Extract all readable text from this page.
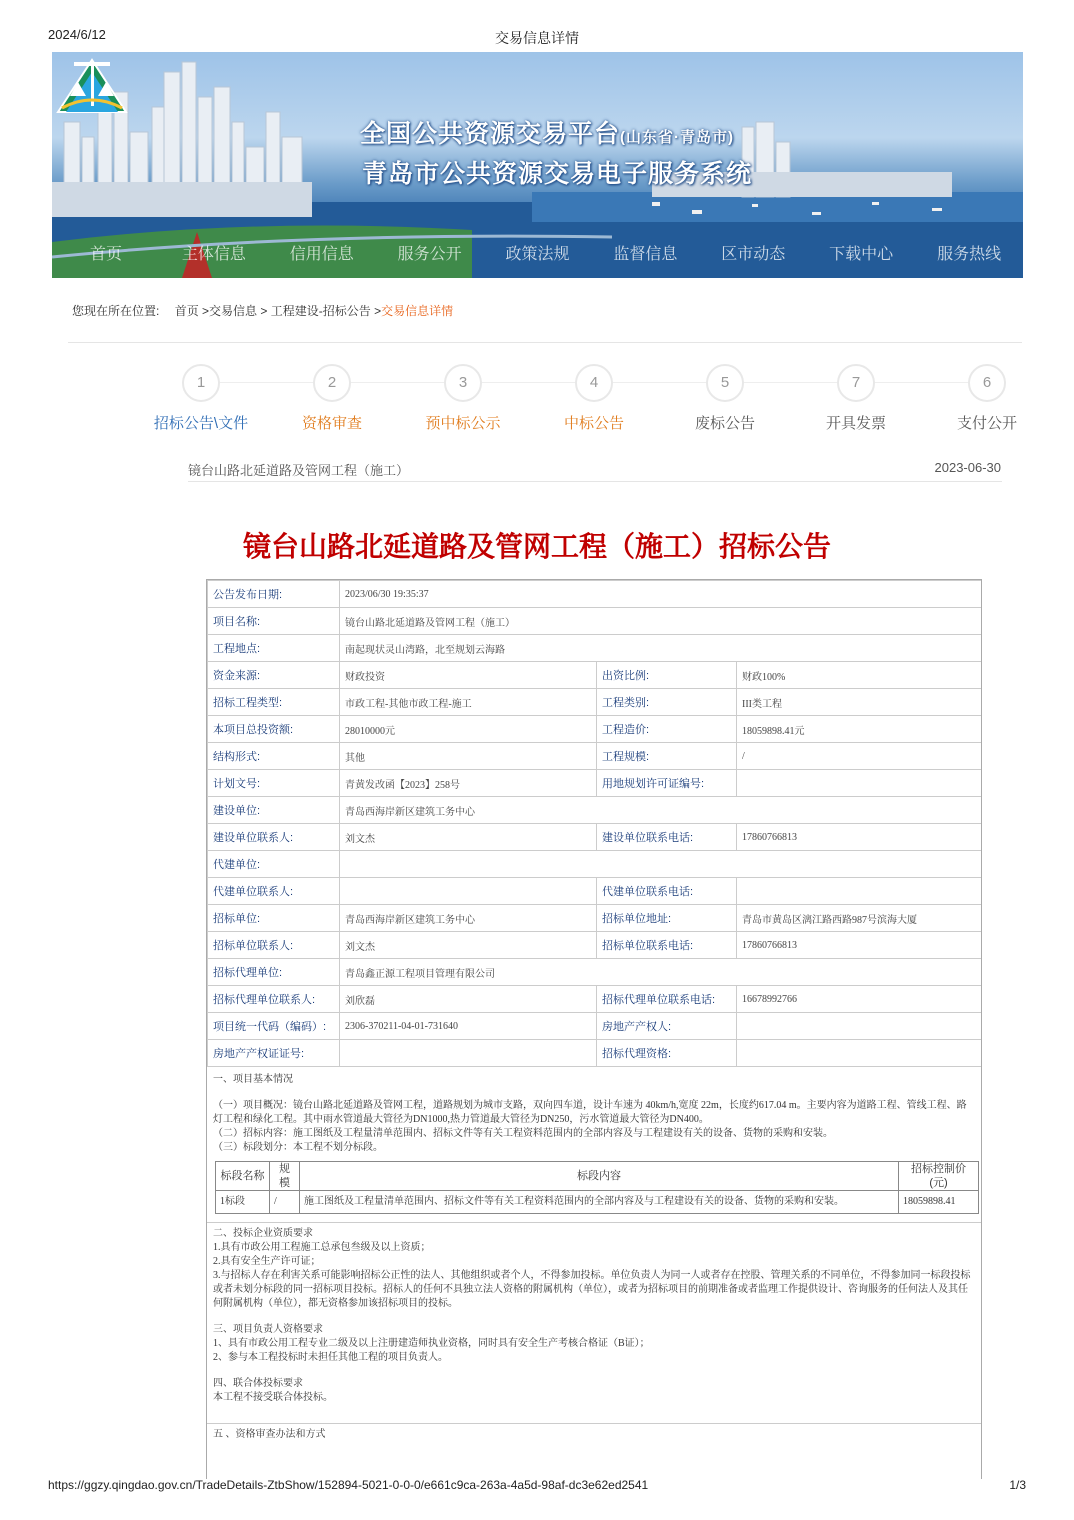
2024/6/12	交易信息详情
全国公共资源交易平台(山东省·青岛市)
青岛市公共资源交易电子服务系统
首页	主体信息	信用信息	服务公开	政策法规	监督信息	区市动态	下载中心	服务热线
您现在所在位置: 首页 >交易信息 > 工程建设-招标公告 >交易信息详情
1
招标公告\文件
2
资格审查
3
预中标公示
4
中标公告
5
废标公告
7
开具发票
6
支付公开
镜台山路北延道路及管网工程（施工）	2023-06-30
镜台山路北延道路及管网工程（施工）招标公告
公告发布日期:	2023/06/30 19:35:37		
项目名称:	镜台山路北延道路及管网工程（施工）		
工程地点:	南起现状灵山湾路，北至规划云海路		
资金来源:	财政投资	出资比例:	财政100%
招标工程类型:	市政工程-其他市政工程-施工	工程类别:	III类工程
本项目总投资额:	28010000元	工程造价:	18059898.41元
结构形式:	其他	工程规模:	/
计划文号:	青黄发改函【2023】258号	用地规划许可证编号:	
建设单位:	青岛西海岸新区建筑工务中心		
建设单位联系人:	刘文杰	建设单位联系电话:	17860766813
代建单位:			
代建单位联系人:		代建单位联系电话:	
招标单位:	青岛西海岸新区建筑工务中心	招标单位地址:	青岛市黄岛区漓江路西路987号滨海大厦
招标单位联系人:	刘文杰	招标单位联系电话:	17860766813
招标代理单位:	青岛鑫正源工程项目管理有限公司		
招标代理单位联系人:	刘欣磊	招标代理单位联系电话:	16678992766
项目统一代码（编码）:	2306-370211-04-01-731640	房地产产权人:	
房地产产权证证号:		招标代理资格:	

一、项目基本情况

（一）项目概况：镜台山路北延道路及管网工程，道路规划为城市支路，双向四车道，设计车速为 40km/h,宽度 22m，长度约617.04 m。主要内容为道路工程、管线工程、路灯工程和绿化工程。其中雨水管道最大管径为DN1000,热力管道最大管径为DN250，污水管道最大管径为DN400。

（二）招标内容：施工图纸及工程量清单范围内、招标文件等有关工程资料范围内的全部内容及与工程建设有关的设备、货物的采购和安装。

（三）标段划分：本工程不划分标段。

标段名称	规模	标段内容	招标控制价(元)
1标段	/	施工图纸及工程量清单范围内、招标文件等有关工程资料范围内的全部内容及与工程建设有关的设备、货物的采购和安装。	18059898.41

二、投标企业资质要求

1.具有市政公用工程施工总承包叁级及以上资质；

2.具有安全生产许可证；

3.与招标人存在利害关系可能影响招标公正性的法人、其他组织或者个人，不得参加投标。单位负责人为同一人或者存在控股、管理关系的不同单位，不得参加同一标段投标或者未划分标段的同一招标项目投标。招标人的任何不具独立法人资格的附属机构（单位），或者为招标项目的前期准备或者监理工作提供设计、咨询服务的任何法人及其任何附属机构（单位），都无资格参加该招标项目的投标。

三、项目负责人资格要求

1、具有市政公用工程专业二级及以上注册建造师执业资格，同时具有安全生产考核合格证（B证）；

2、参与本工程投标时未担任其他工程的项目负责人。

四、联合体投标要求

本工程不接受联合体投标。

五 、资格审查办法和方式

https://ggzy.qingdao.gov.cn/TradeDetails-ZtbShow/152894-5021-0-0-0/e661c9ca-263a-4a5d-98af-dc3e62ed2541	1/3
